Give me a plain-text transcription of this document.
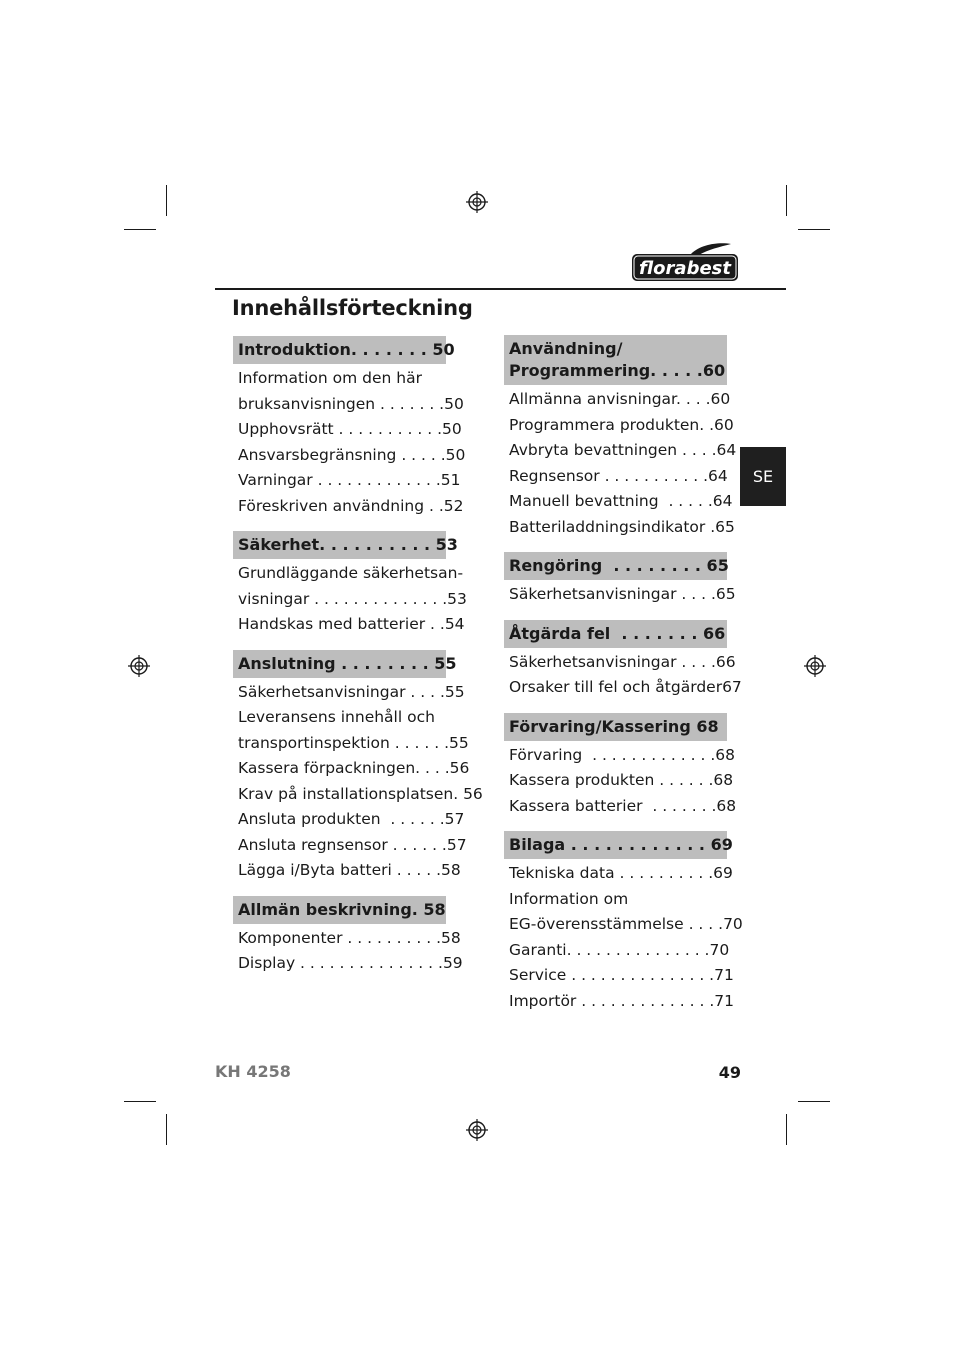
florabest
Innehållsförteckning
Introduktion. . . . . . . 50
Information om den här
bruksanvisningen . . . . . . .50
Upphovsrätt . . . . . . . . . . .50
Ansvarsbegränsning . . . . .50
Varningar . . . . . . . . . . . . .51
Föreskriven användning . .52
Säkerhet. . . . . . . . . . 53
Grundläggande säkerhetsan-
visningar . . . . . . . . . . . . . .53
Handskas med batterier . .54
Anslutning . . . . . . . . 55
Säkerhetsanvisningar . . . .55
Leveransens innehåll och
transportinspektion . . . . . .55
Kassera förpackningen. . . .56
Krav på installationsplatsen. 56
Ansluta produkten  . . . . . .57
Ansluta regnsensor . . . . . .57
Lägga i/Byta batteri . . . . .58
Allmän beskrivning. 58
Komponenter . . . . . . . . . .58
Display . . . . . . . . . . . . . . .59
Användning/
Programmering. . . . .60
Allmänna anvisningar. . . .60
Programmera produkten. .60
Avbryta bevattningen . . . .64
Regnsensor . . . . . . . . . . .64
Manuell bevattning  . . . . .64
Batteriladdningsindikator .65
Rengöring  . . . . . . . . 65
Säkerhetsanvisningar . . . .65
Åtgärda fel  . . . . . . . 66
Säkerhetsanvisningar . . . .66
Orsaker till fel och åtgärder67
Förvaring/Kassering 68
Förvaring  . . . . . . . . . . . . .68
Kassera produkten . . . . . .68
Kassera batterier  . . . . . . .68
Bilaga . . . . . . . . . . . . 69
Tekniska data . . . . . . . . . .69
Information om
EG-överensstämmelse . . . .70
Garanti. . . . . . . . . . . . . . .70
Service . . . . . . . . . . . . . . .71
Importör . . . . . . . . . . . . . .71
SE
KH 4258	49
